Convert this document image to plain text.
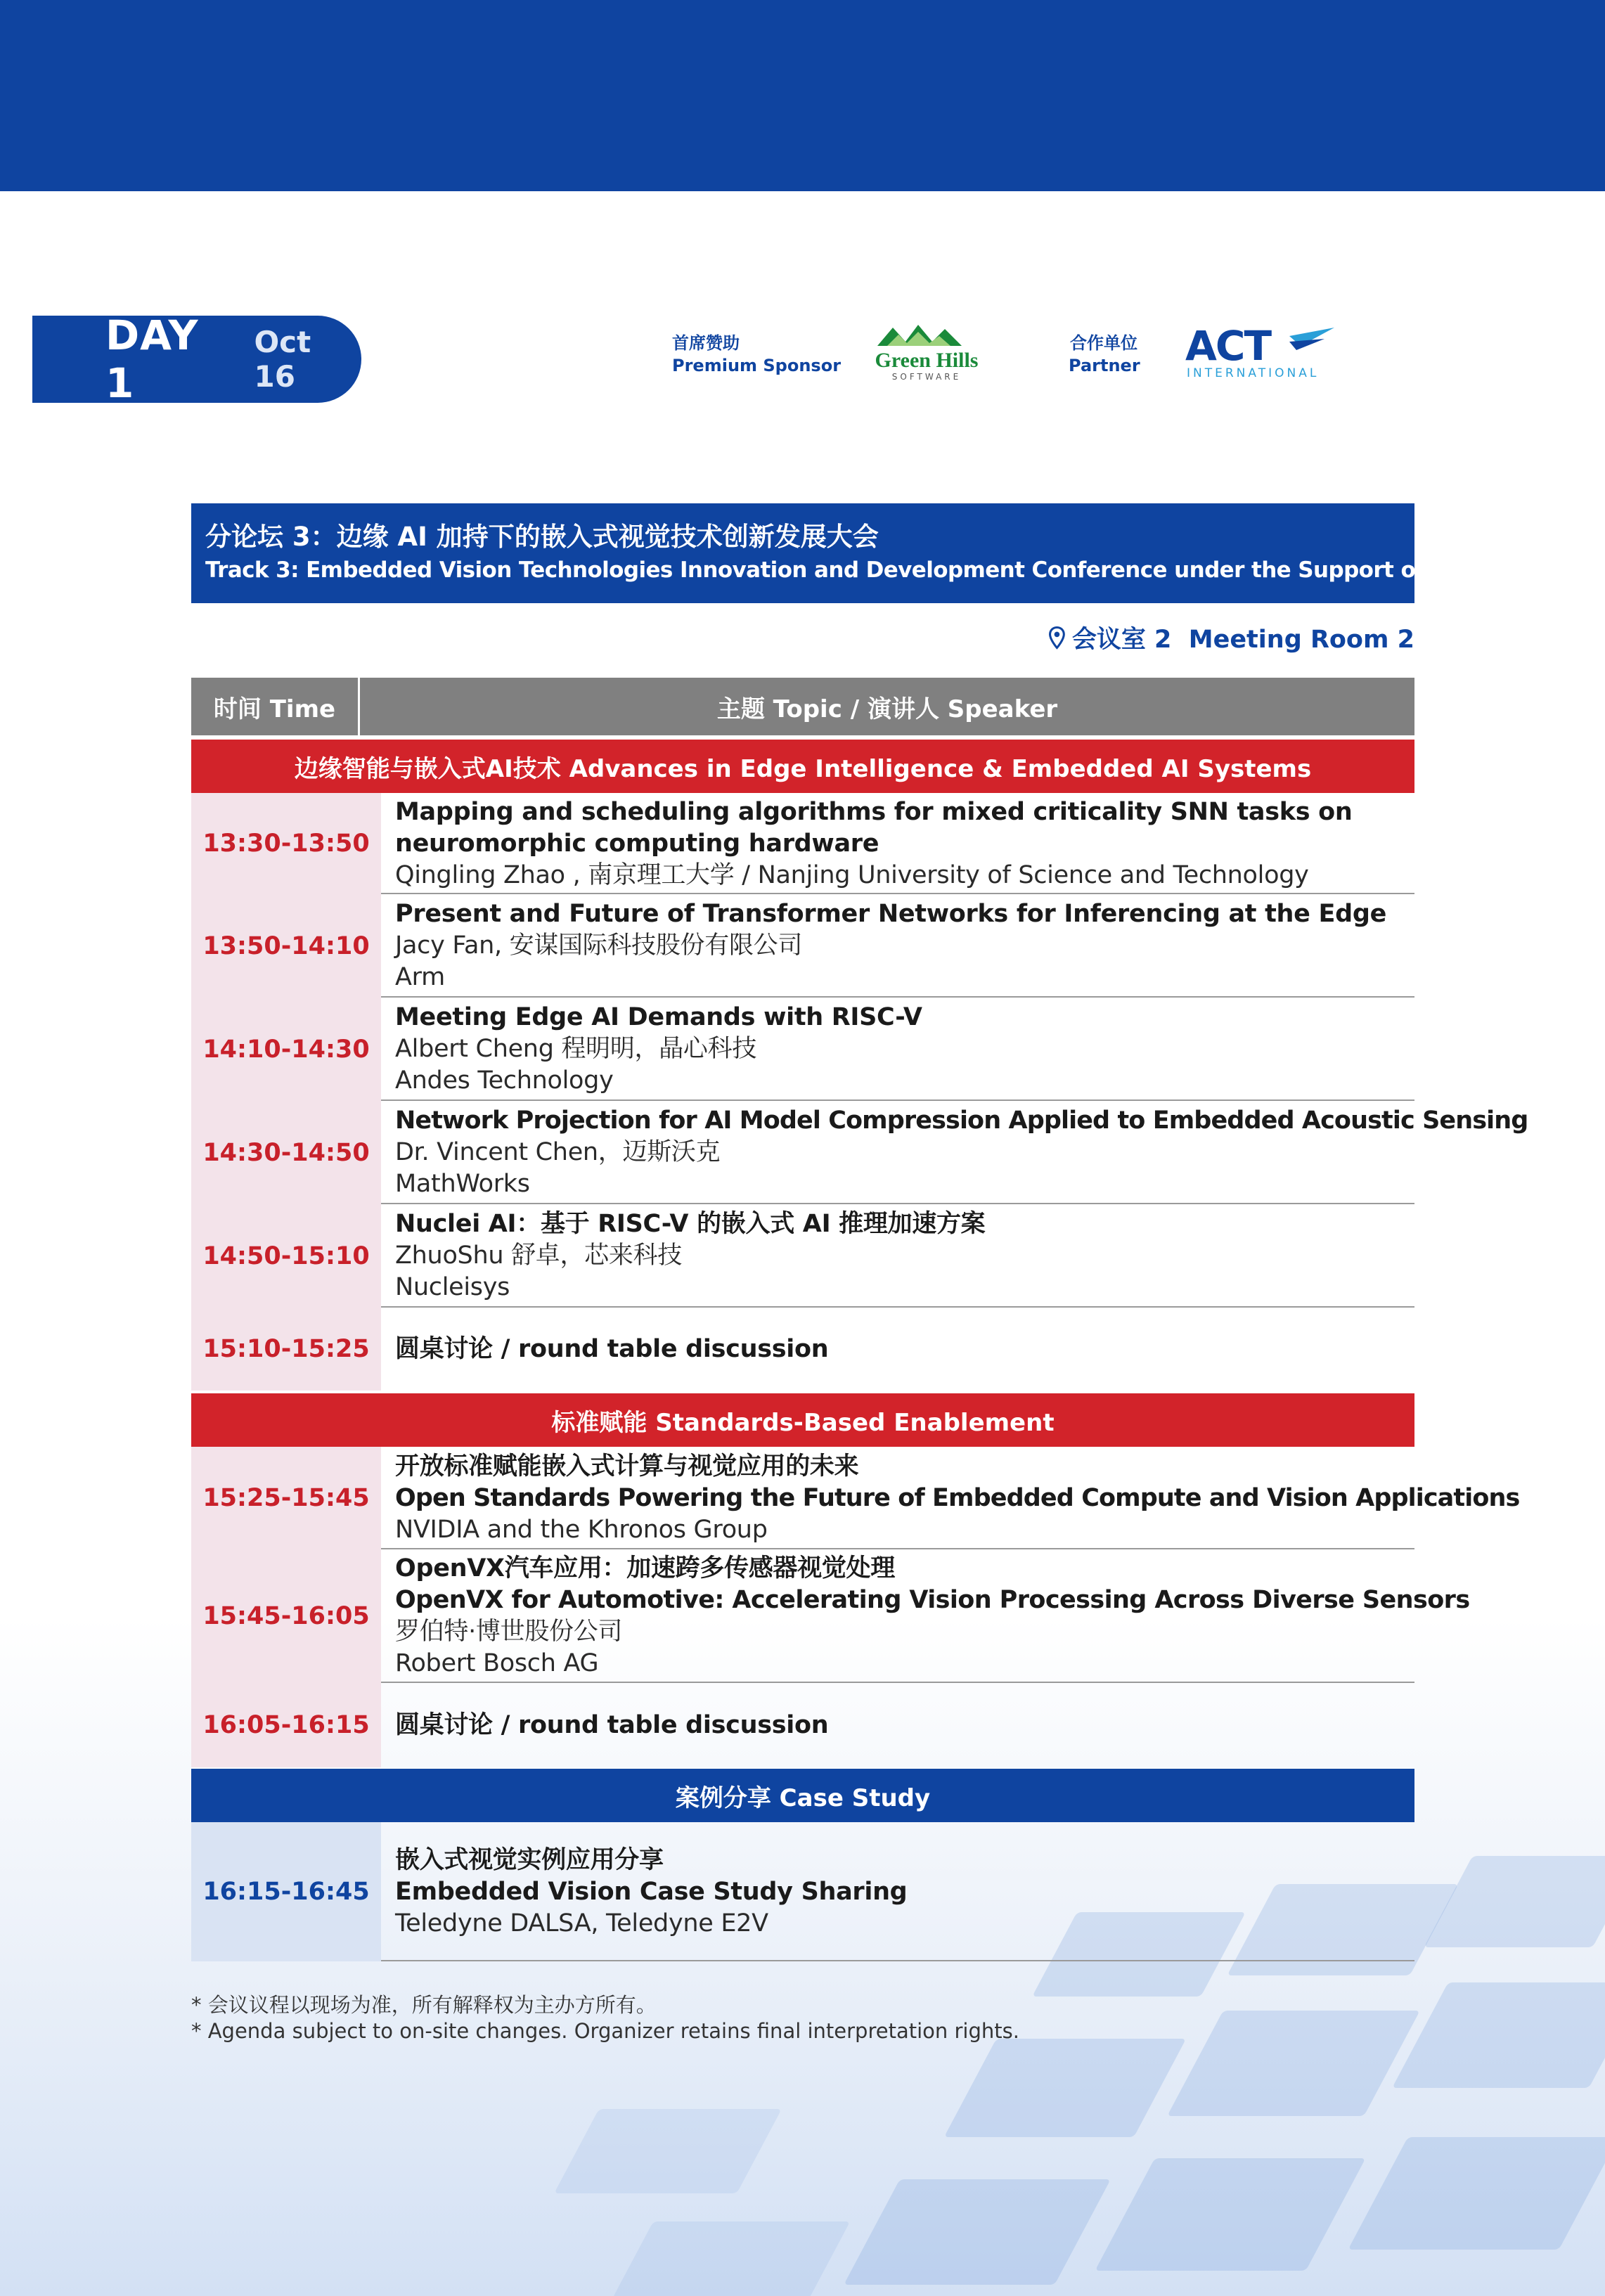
DAY 1
Oct 16
首席赞助
Premium Sponsor Green Hills
SOFTWARE
合作单位
Partner ACT
INTERNATIONAL
分论坛 3：边缘 AI 加持下的嵌入式视觉技术创新发展大会
Track 3: Embedded Vision Technologies Innovation and Development Conference under the Support of Edge AI
会议室 2  Meeting Room 2
时间 Time	主题 Topic / 演讲人 Speaker
边缘智能与嵌入式AI技术 Advances in Edge Intelligence & Embedded AI Systems
13:30-13:50
Mapping and scheduling algorithms for mixed criticality SNN tasks on
neuromorphic computing hardware
Qingling Zhao , 南京理工大学 / Nanjing University of Science and Technology
13:50-14:10
Present and Future of Transformer Networks for Inferencing at the Edge
Jacy Fan, 安谋国际科技股份有限公司
Arm
14:10-14:30
Meeting Edge AI Demands with RISC-V
Albert Cheng 程明明，晶心科技
Andes Technology
14:30-14:50
Network Projection for AI Model Compression Applied to Embedded Acoustic Sensing
Dr. Vincent Chen，迈斯沃克
MathWorks
14:50-15:10
Nuclei AI：基于 RISC-V 的嵌入式 AI 推理加速方案
ZhuoShu 舒卓，芯来科技
Nucleisys
15:10-15:25	圆桌讨论 / round table discussion
标准赋能 Standards-Based Enablement
15:25-15:45
开放标准赋能嵌入式计算与视觉应用的未来
Open Standards Powering the Future of Embedded Compute and Vision Applications
NVIDIA and the Khronos Group
15:45-16:05
OpenVX汽车应用：加速跨多传感器视觉处理
OpenVX for Automotive: Accelerating Vision Processing Across Diverse Sensors
罗伯特·博世股份公司
Robert Bosch AG
16:05-16:15	圆桌讨论 / round table discussion
案例分享 Case Study
16:15-16:45
嵌入式视觉实例应用分享
Embedded Vision Case Study Sharing
Teledyne DALSA, Teledyne E2V
* 会议议程以现场为准，所有解释权为主办方所有。
* Agenda subject to on-site changes. Organizer retains final interpretation rights.
